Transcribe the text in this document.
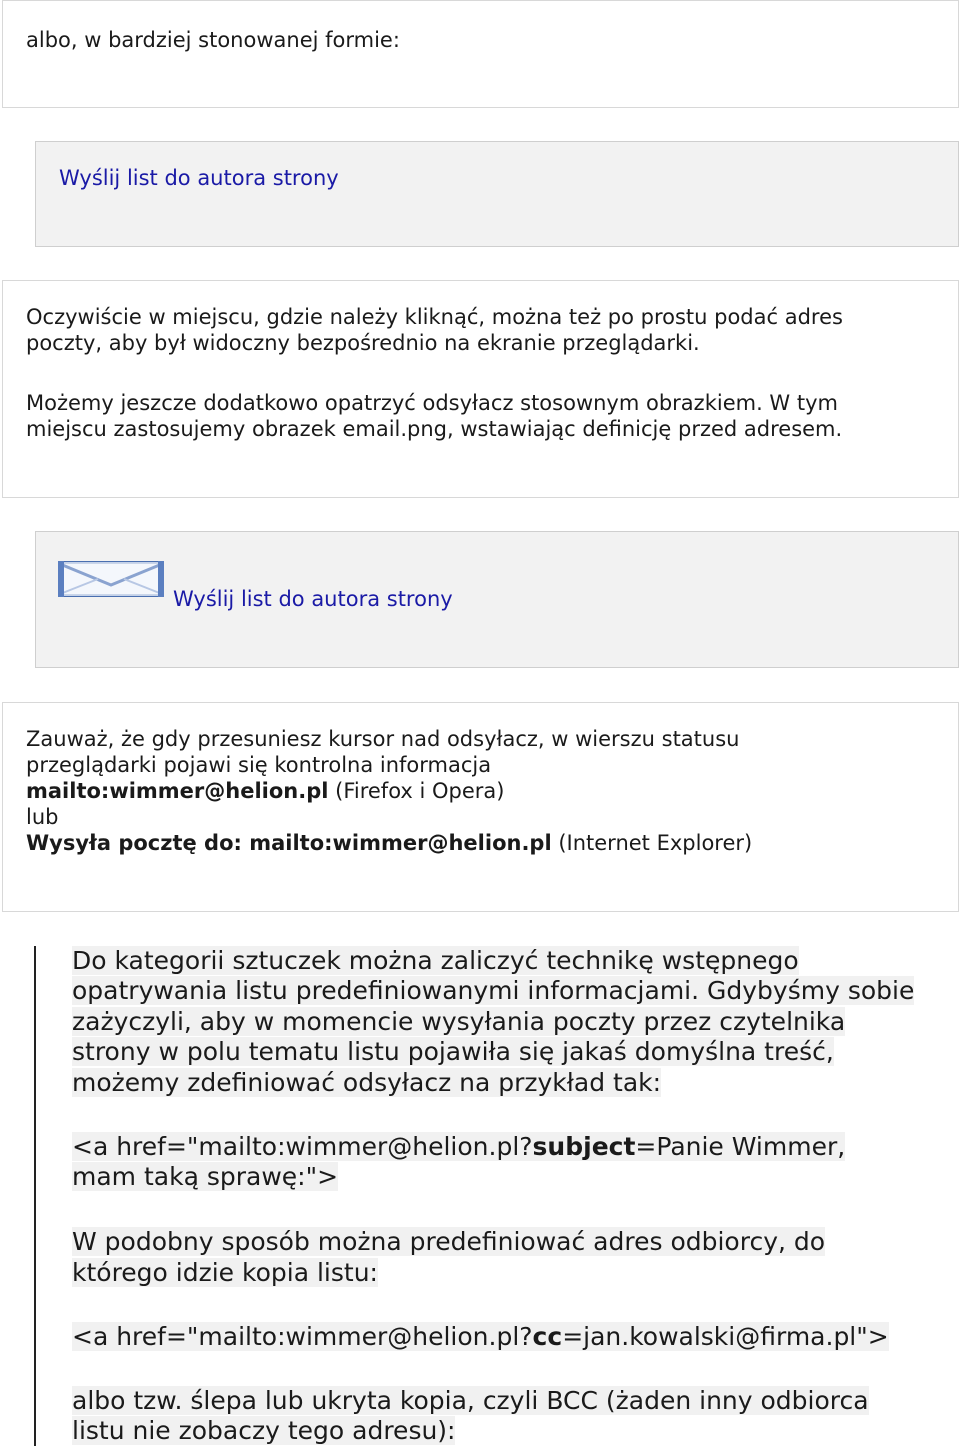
albo, w bardziej stonowanej formie:
Wyślij list do autora strony
Oczywiście w miejscu, gdzie należy kliknąć, można też po prostu podać adres
poczty, aby był widoczny bezpośrednio na ekranie przeglądarki.
Możemy jeszcze dodatkowo opatrzyć odsyłacz stosownym obrazkiem. W tym
miejscu zastosujemy obrazek email.png, wstawiając definicję przed adresem.
Wyślij list do autora strony
Zauważ, że gdy przesuniesz kursor nad odsyłacz, w wierszu statusu
przeglądarki pojawi się kontrolna informacja
mailto:wimmer@helion.pl (Firefox i Opera)
lub
Wysyła pocztę do: mailto:wimmer@helion.pl (Internet Explorer)
Do kategorii sztuczek można zaliczyć technikę wstępnego
opatrywania listu predefiniowanymi informacjami. Gdybyśmy sobie
zażyczyli, aby w momencie wysyłania poczty przez czytelnika
strony w polu tematu listu pojawiła się jakaś domyślna treść,
możemy zdefiniować odsyłacz na przykład tak:
<a href="mailto:wimmer@helion.pl?subject=Panie Wimmer,
mam taką sprawę:">
W podobny sposób można predefiniować adres odbiorcy, do
którego idzie kopia listu:
<a href="mailto:wimmer@helion.pl?cc=jan.kowalski@firma.pl">
albo tzw. ślepa lub ukryta kopia, czyli BCC (żaden inny odbiorca
listu nie zobaczy tego adresu):
